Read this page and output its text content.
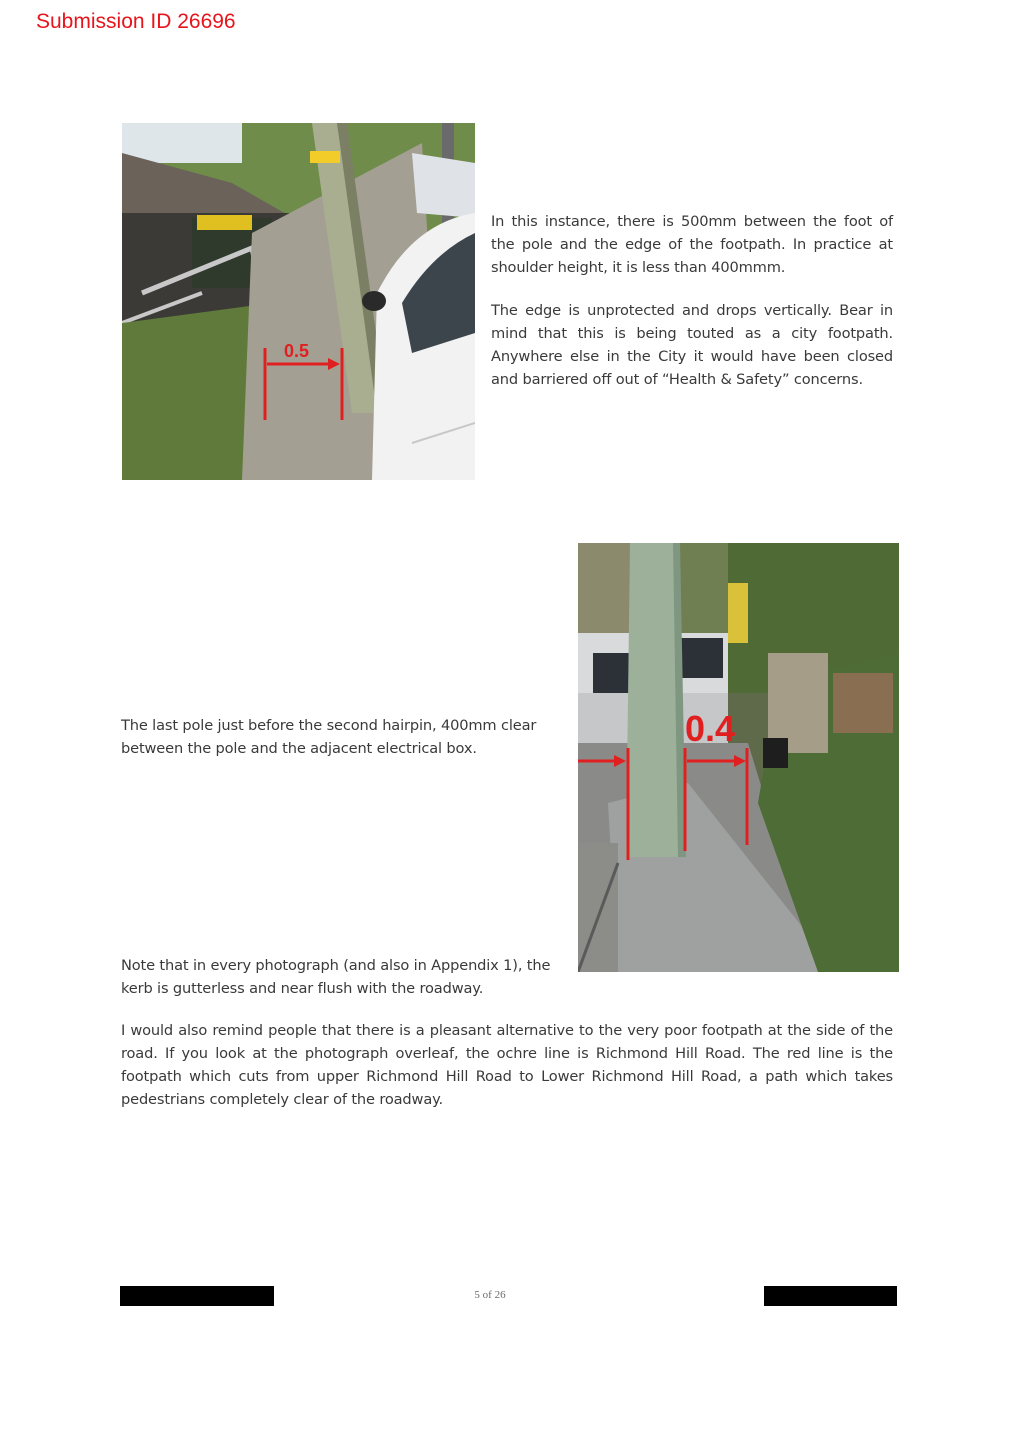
Submission ID 26696
0.5

In this instance, there is 500mm between the foot of the pole and the edge of the footpath. In practice at shoulder height, it is less than 400mmm.

The edge is unprotected and drops vertically. Bear in mind that this is being touted as a city footpath. Anywhere else in the City it would have been closed and barriered off out of “Health & Safety” concerns.

0.4

The last pole just before the second hairpin, 400mm clear between the pole and the adjacent electrical box.

Note that in every photograph (and also in Appendix 1), the kerb is gutterless and near flush with the roadway.

I would also remind people that there is a pleasant alternative to the very poor footpath at the side of the road. If you look at the photograph overleaf, the ochre line is Richmond Hill Road. The red line is the footpath which cuts from upper Richmond Hill Road to Lower Richmond Hill Road, a path which takes pedestrians completely clear of the roadway.

5 of 26
